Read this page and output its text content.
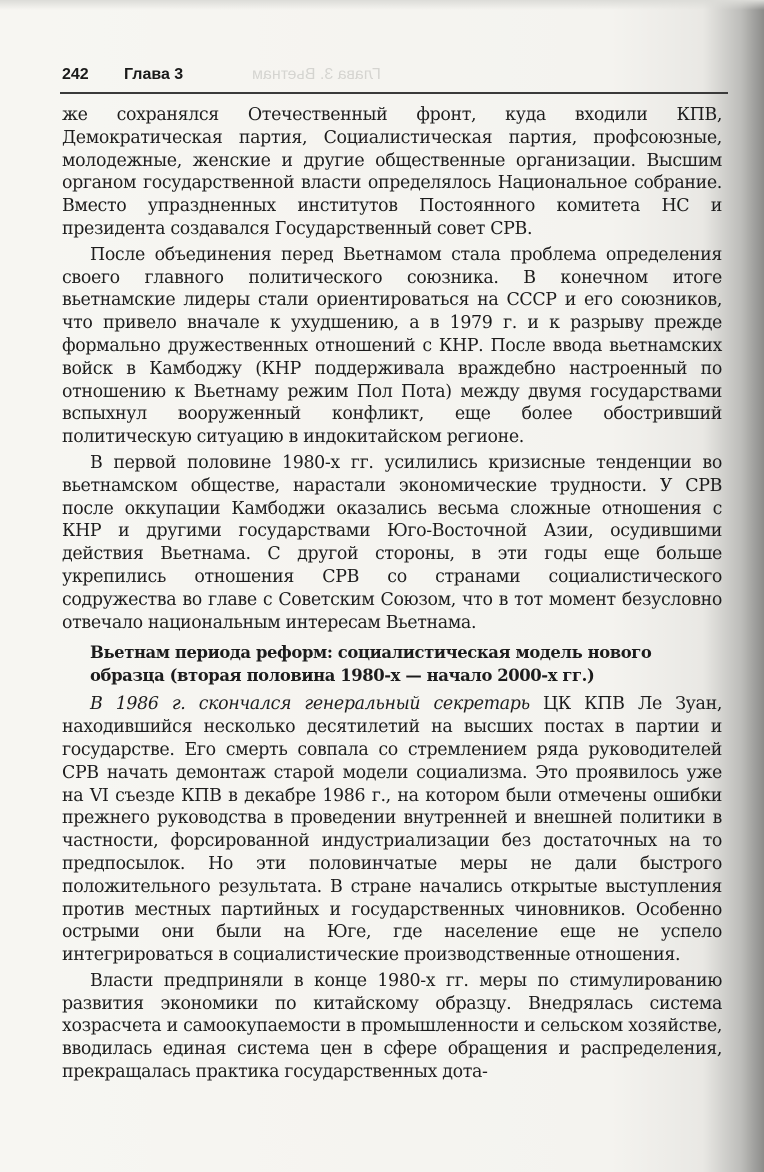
242 Глава 3	Глава 3. Вьетнам

же сохранялся Отечественный фронт, куда входили КПВ, Демократическая партия, Социалистическая партия, профсоюзные, молодежные, женские и другие общественные организации. Высшим органом государственной власти определялось Национальное собрание. Вместо упраздненных институтов Постоянного комитета НС и президента создавался Государственный совет СРВ.

После объединения перед Вьетнамом стала проблема определения своего главного политического союзника. В конечном итоге вьетнамские лидеры стали ориентироваться на СССР и его союзников, что привело вначале к ухудшению, а в 1979 г. и к разрыву прежде формально дружественных отношений с КНР. После ввода вьетнамских войск в Камбоджу (КНР поддерживала враждебно настроенный по отношению к Вьетнаму режим Пол Пота) между двумя государствами вспыхнул вооруженный конфликт, еще более обостривший политическую ситуацию в индокитайском регионе.

В первой половине 1980-х гг. усилились кризисные тенденции во вьетнамском обществе, нарастали экономические трудности. У СРВ после оккупации Камбоджи оказались весьма сложные отношения с КНР и другими государствами Юго-Восточной Азии, осудившими действия Вьетнама. С другой стороны, в эти годы еще больше укрепились отношения СРВ со странами социалистического содружества во главе с Советским Союзом, что в тот момент безусловно отвечало национальным интересам Вьетнама.

Вьетнам периода реформ: социалистическая модель нового образца (вторая половина 1980-х — начало 2000-х гг.)

В 1986 г. скончался генеральный секретарь ЦК КПВ Ле Зуан, находившийся несколько десятилетий на высших постах в партии и государстве. Его смерть совпала со стремлением ряда руководителей СРВ начать демонтаж старой модели социализма. Это проявилось уже на VI съезде КПВ в декабре 1986 г., на котором были отмечены ошибки прежнего руководства в проведении внутренней и внешней политики в частности, форсированной индустриализации без достаточных на то предпосылок. Но эти половинчатые меры не дали быстрого положительного результата. В стране начались открытые выступления против местных партийных и государственных чиновников. Особенно острыми они были на Юге, где население еще не успело интегрироваться в социалистические производственные отношения.

Власти предприняли в конце 1980-х гг. меры по стимулированию развития экономики по китайскому образцу. Внедрялась система хозрасчета и самоокупаемости в промышленности и сельском хозяйстве, вводилась единая система цен в сфере обращения и распределения, прекращалась практика государственных дота-
